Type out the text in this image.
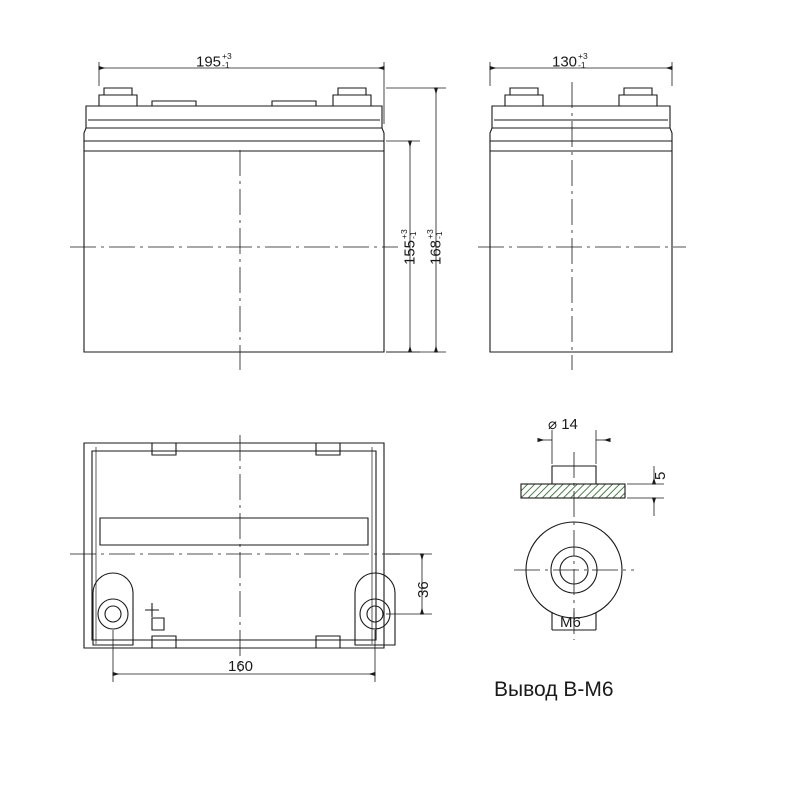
195 +3
-1	130 +3
-1
155
+3
-1
168
+3
-1
36
160
⌀ 14
5
M6
Вывод B-M6
